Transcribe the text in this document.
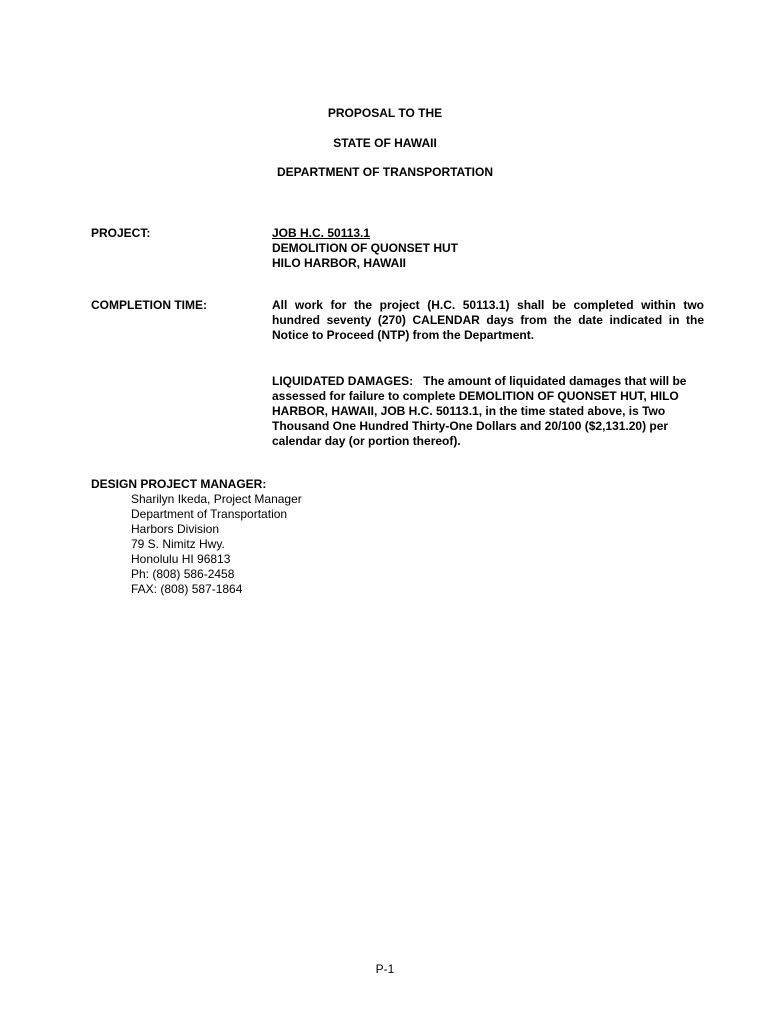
PROPOSAL TO THE
STATE OF HAWAII
DEPARTMENT OF TRANSPORTATION
PROJECT:	JOB H.C. 50113.1
DEMOLITION OF QUONSET HUT
HILO HARBOR, HAWAII
COMPLETION TIME:	All work for the project (H.C. 50113.1) shall be completed within two hundred seventy (270) CALENDAR days from the date indicated in the Notice to Proceed (NTP) from the Department.
LIQUIDATED DAMAGES:   The amount of liquidated damages that will be assessed for failure to complete DEMOLITION OF QUONSET HUT, HILO HARBOR, HAWAII, JOB H.C. 50113.1, in the time stated above, is Two Thousand One Hundred Thirty-One Dollars and 20/100 ($2,131.20) per calendar day (or portion thereof).
DESIGN PROJECT MANAGER:
Sharilyn Ikeda, Project Manager
Department of Transportation
Harbors Division
79 S. Nimitz Hwy.
Honolulu HI 96813
Ph: (808) 586-2458
FAX: (808) 587-1864
P-1
